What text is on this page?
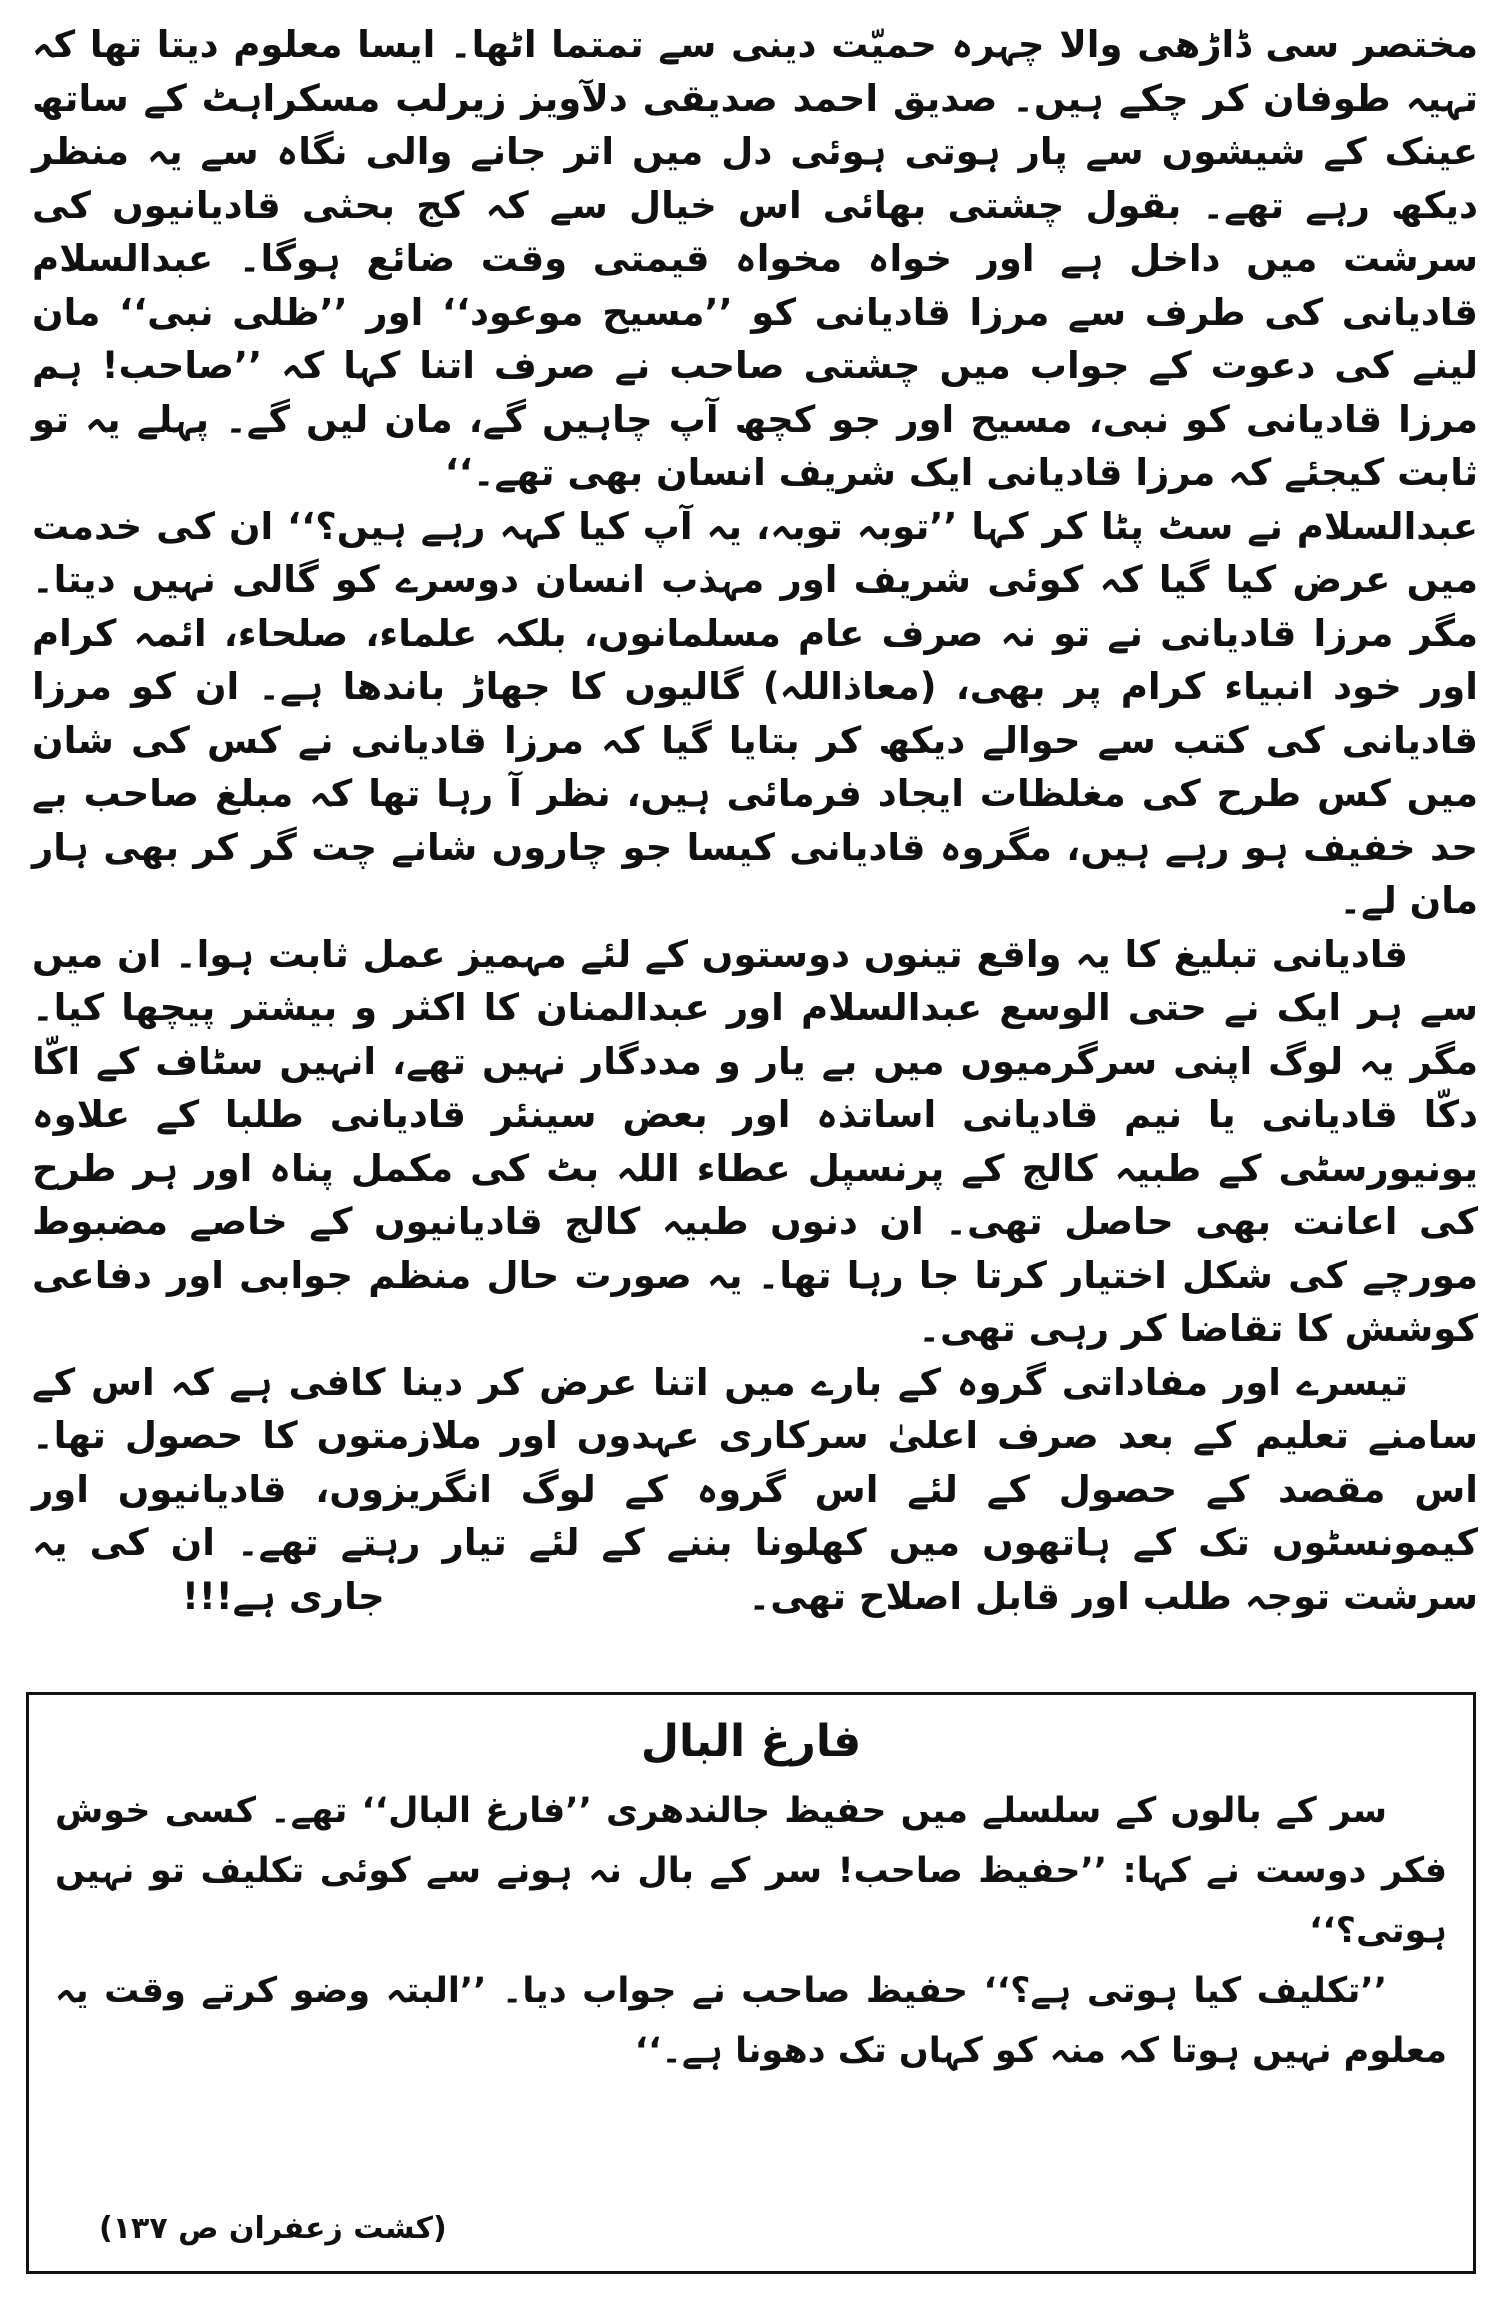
مختصر سی ڈاڑھی والا چہرہ حمیّت دینی سے تمتما اٹھا۔ ایسا معلوم دیتا تھا کہ تہیہ طوفان کر چکے ہیں۔ صدیق احمد صدیقی دلآویز زیرلب مسکراہٹ کے ساتھ عینک کے شیشوں سے پار ہوتی ہوئی دل میں اتر جانے والی نگاہ سے یہ منظر دیکھ رہے تھے۔ بقول چشتی بھائی اس خیال سے کہ کج بحثی قادیانیوں کی سرشت میں داخل ہے اور خواہ مخواہ قیمتی وقت ضائع ہوگا۔ عبدالسلام قادیانی کی طرف سے مرزا قادیانی کو ’’مسیح موعود‘‘ اور ’’ظلی نبی‘‘ مان لینے کی دعوت کے جواب میں چشتی صاحب نے صرف اتنا کہا کہ ’’صاحب! ہم مرزا قادیانی کو نبی، مسیح اور جو کچھ آپ چاہیں گے، مان لیں گے۔ پہلے یہ تو ثابت کیجئے کہ مرزا قادیانی ایک شریف انسان بھی تھے۔‘‘

عبدالسلام نے سٹ پٹا کر کہا ’’توبہ توبہ، یہ آپ کیا کہہ رہے ہیں؟‘‘ ان کی خدمت میں عرض کیا گیا کہ کوئی شریف اور مہذب انسان دوسرے کو گالی نہیں دیتا۔ مگر مرزا قادیانی نے تو نہ صرف عام مسلمانوں، بلکہ علماء، صلحاء، ائمہ کرام اور خود انبیاء کرام پر بھی، (معاذاللہ) گالیوں کا جھاڑ باندھا ہے۔ ان کو مرزا قادیانی کی کتب سے حوالے دیکھ کر بتایا گیا کہ مرزا قادیانی نے کس کی شان میں کس طرح کی مغلظات ایجاد فرمائی ہیں، نظر آ رہا تھا کہ مبلغ صاحب بے حد خفیف ہو رہے ہیں، مگروہ قادیانی کیسا جو چاروں شانے چت گر کر بھی ہار مان لے۔

قادیانی تبلیغ کا یہ واقع تینوں دوستوں کے لئے مہمیز عمل ثابت ہوا۔ ان میں سے ہر ایک نے حتی الوسع عبدالسلام اور عبدالمنان کا اکثر و بیشتر پیچھا کیا۔ مگر یہ لوگ اپنی سرگرمیوں میں بے یار و مددگار نہیں تھے، انہیں سٹاف کے اکّا دکّا قادیانی یا نیم قادیانی اساتذہ اور بعض سینئر قادیانی طلبا کے علاوہ یونیورسٹی کے طبیہ کالج کے پرنسپل عطاء اللہ بٹ کی مکمل پناہ اور ہر طرح کی اعانت بھی حاصل تھی۔ ان دنوں طبیہ کالج قادیانیوں کے خاصے مضبوط مورچے کی شکل اختیار کرتا جا رہا تھا۔ یہ صورت حال منظم جوابی اور دفاعی کوشش کا تقاضا کر رہی تھی۔

تیسرے اور مفاداتی گروہ کے بارے میں اتنا عرض کر دینا کافی ہے کہ اس کے سامنے تعلیم کے بعد صرف اعلیٰ سرکاری عہدوں اور ملازمتوں کا حصول تھا۔ اس مقصد کے حصول کے لئے اس گروہ کے لوگ انگریزوں، قادیانیوں اور کیمونسٹوں تک کے ہاتھوں میں کھلونا بننے کے لئے تیار رہتے تھے۔ ان کی یہ سرشت توجہ طلب اور قابل اصلاح تھی۔

جاری ہے!!!
فارغ البال

سر کے بالوں کے سلسلے میں حفیظ جالندھری ’’فارغ البال‘‘ تھے۔ کسی خوش فکر دوست نے کہا: ’’حفیظ صاحب! سر کے بال نہ ہونے سے کوئی تکلیف تو نہیں ہوتی؟‘‘

’’تکلیف کیا ہوتی ہے؟‘‘ حفیظ صاحب نے جواب دیا۔ ’’البتہ وضو کرتے وقت یہ معلوم نہیں ہوتا کہ منہ کو کہاں تک دھونا ہے۔‘‘

(کشت زعفران ص ۱۳۷)
